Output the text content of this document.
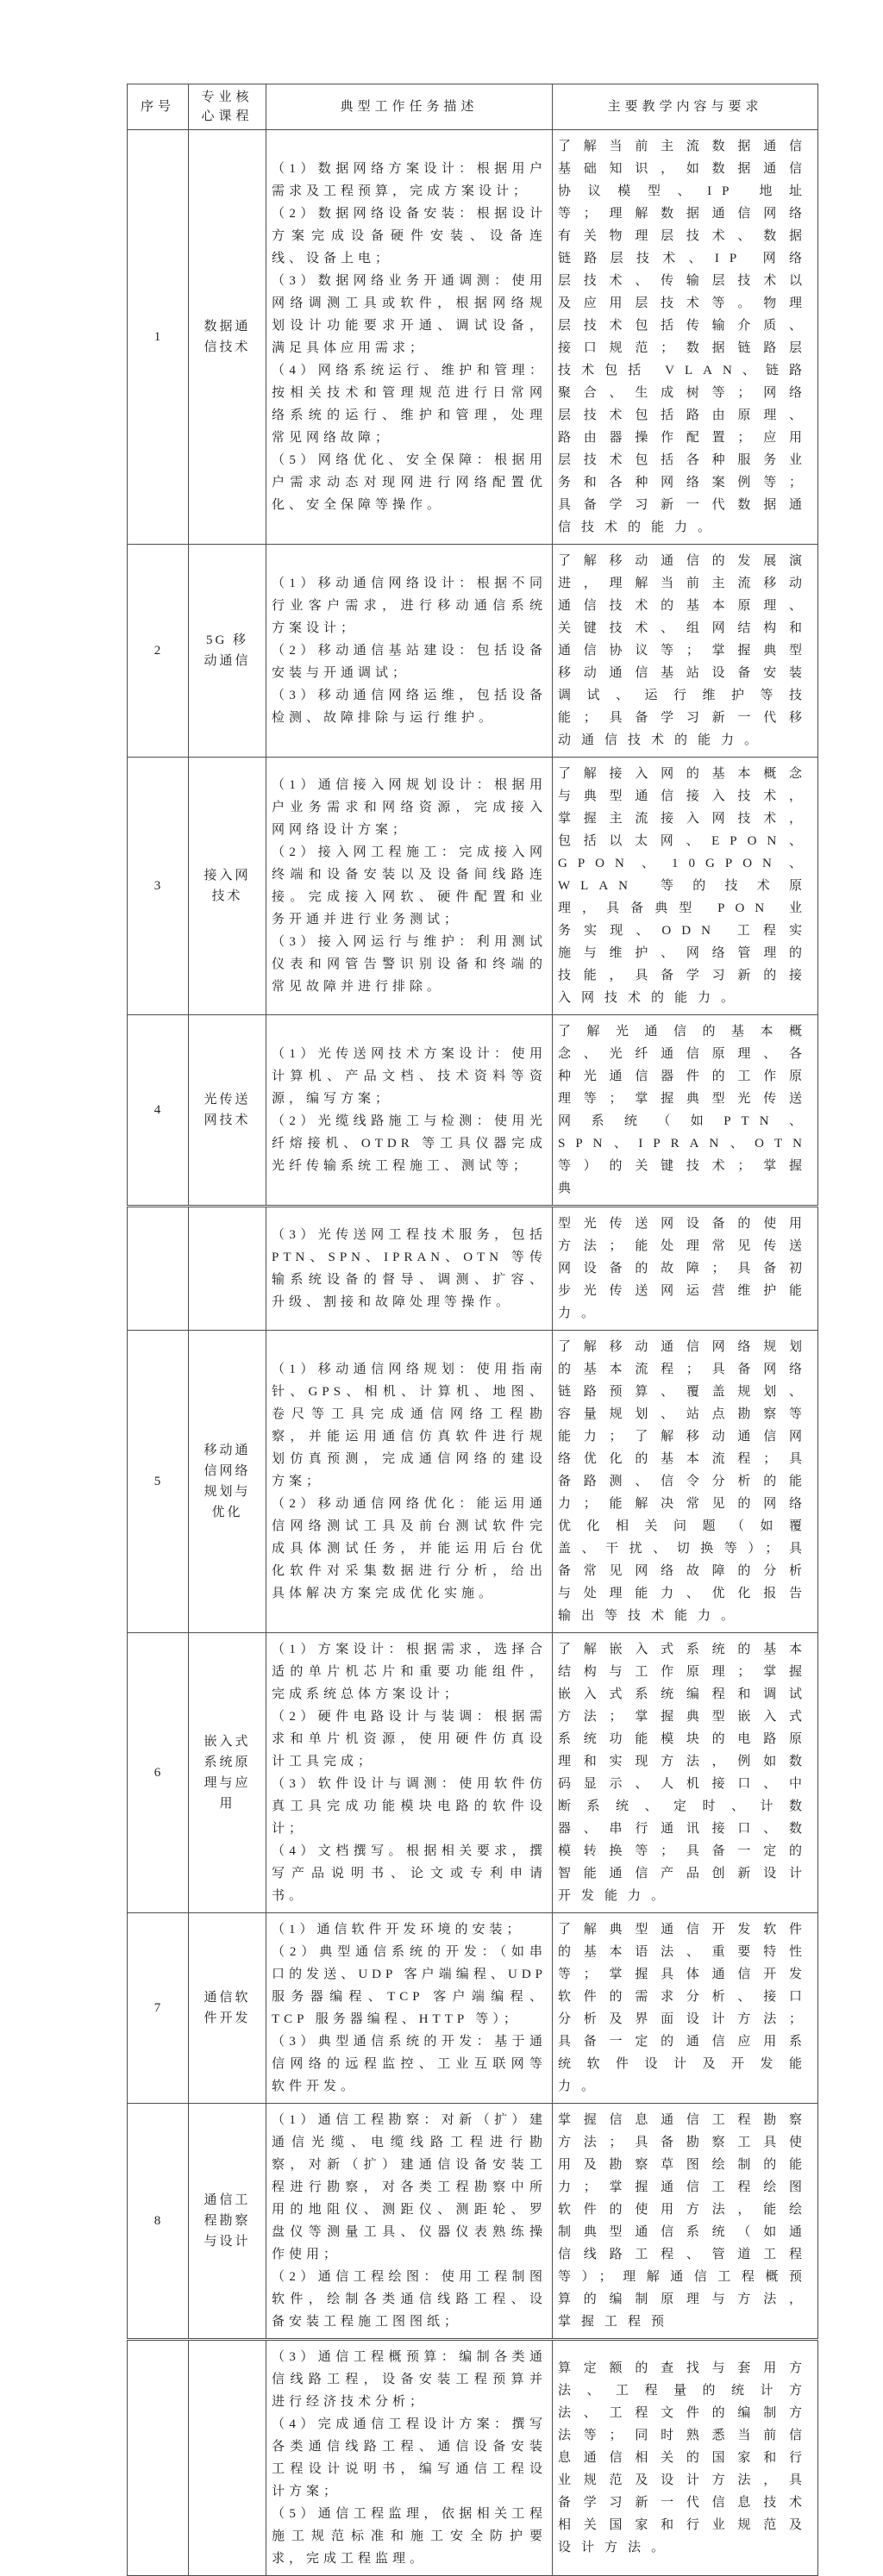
序号	专业核心课程	典型工作任务描述	主要教学内容与要求
1	数据通信技术	（1）数据网络方案设计：根据用户需求及工程预算，完成方案设计；
（2）数据网络设备安装：根据设计方案完成设备硬件安装、设备连线、设备上电；
（3）数据网络业务开通调测：使用网络调测工具或软件，根据网络规划设计功能要求开通、调试设备，满足具体应用需求；
（4）网络系统运行、维护和管理：按相关技术和管理规范进行日常网络系统的运行、维护和管理，处理常见网络故障；
（5）网络优化、安全保障：根据用户需求动态对现网进行网络配置优化、安全保障等操作。	了解当前主流数据通信基础知识，如数据通信协议模型、IP 地址等；理解数据通信网络有关物理层技术、数据链路层技术、IP 网络层技术、传输层技术以及应用层技术等。物理层技术包括传输介质、接口规范；数据链路层技术包括 VLAN、链路聚合、生成树等；网络层技术包括路由原理、路由器操作配置；应用层技术包括各种服务业务和各种网络案例等；具备学习新一代数据通信技术的能力。
2	5G 移动通信	（1）移动通信网络设计：根据不同行业客户需求，进行移动通信系统方案设计；
（2）移动通信基站建设：包括设备安装与开通调试；
（3）移动通信网络运维，包括设备检测、故障排除与运行维护。	了解移动通信的发展演进，理解当前主流移动通信技术的基本原理、关键技术、组网结构和通信协议等；掌握典型移动通信基站设备安装调试、运行维护等技能；具备学习新一代移动通信技术的能力。
3	接入网技术	（1）通信接入网规划设计：根据用户业务需求和网络资源，完成接入网网络设计方案；
（2）接入网工程施工：完成接入网终端和设备安装以及设备间线路连接。完成接入网软、硬件配置和业务开通并进行业务测试；
（3）接入网运行与维护：利用测试仪表和网管告警识别设备和终端的常见故障并进行排除。	了解接入网的基本概念与典型通信接入技术，掌握主流接入网技术，包括以太网、EPON、GPON、10GPON、WLAN 等的技术原理，具备典型 PON 业务实现、ODN 工程实施与维护、网络管理的技能，具备学习新的接入网技术的能力。
4	光传送网技术	（1）光传送网技术方案设计：使用计算机、产品文档、技术资料等资源，编写方案；
（2）光缆线路施工与检测：使用光纤熔接机、OTDR 等工具仪器完成光纤传输系统工程施工、测试等；	了解光通信的基本概念、光纤通信原理、各种光通信器件的工作原理等；掌握典型光传送网系统（如PTN、SPN、IPRAN、OTN等）的关键技术；掌握典
		（3）光传送网工程技术服务，包括PTN、SPN、IPRAN、OTN 等传输系统设备的督导、调测、扩容、升级、割接和故障处理等操作。	型光传送网设备的使用方法；能处理常见传送网设备的故障；具备初步光传送网运营维护能力。
5	移动通信网络规划与优化	（1）移动通信网络规划：使用指南针、GPS、相机、计算机、地图、卷尺等工具完成通信网络工程勘察，并能运用通信仿真软件进行规划仿真预测，完成通信网络的建设方案；
（2）移动通信网络优化：能运用通信网络测试工具及前台测试软件完成具体测试任务，并能运用后台优化软件对采集数据进行分析，给出具体解决方案完成优化实施。	了解移动通信网络规划的基本流程；具备网络链路预算、覆盖规划、容量规划、站点勘察等能力；了解移动通信网络优化的基本流程；具备路测、信令分析的能力；能解决常见的网络优化相关问题（如覆盖、干扰、切换等）；具备常见网络故障的分析与处理能力、优化报告输出等技术能力。
6	嵌入式系统原理与应用	（1）方案设计：根据需求，选择合适的单片机芯片和重要功能组件，完成系统总体方案设计；
（2）硬件电路设计与装调：根据需求和单片机资源，使用硬件仿真设计工具完成；
（3）软件设计与调测：使用软件仿真工具完成功能模块电路的软件设计；
（4）文档撰写。根据相关要求，撰写产品说明书、论文或专利申请书。	了解嵌入式系统的基本结构与工作原理；掌握嵌入式系统编程和调试方法；掌握典型嵌入式系统功能模块的电路原理和实现方法，例如数码显示、人机接口、中断系统、定时、计数器、串行通讯接口、数模转换等；具备一定的智能通信产品创新设计开发能力。
7	通信软件开发	（1）通信软件开发环境的安装；
（2）典型通信系统的开发：（如串口的发送、UDP 客户端编程、UDP 服务器编程、TCP 客户端编程、 TCP 服务器编程、HTTP 等）；
（3）典型通信系统的开发：基于通信网络的远程监控、工业互联网等软件开发。	了解典型通信开发软件的基本语法、重要特性等；掌握具体通信开发软件的需求分析、接口分析及界面设计方法；具备一定的通信应用系统软件设计及开发能力。
8	通信工程勘察与设计	（1）通信工程勘察：对新（扩）建通信光缆、电缆线路工程进行勘察，对新（扩）建通信设备安装工程进行勘察，对各类工程勘察中所用的地阻仪、测距仪、测距轮、罗盘仪等测量工具、仪器仪表熟练操作使用；
（2）通信工程绘图：使用工程制图软件，绘制各类通信线路工程、设备安装工程施工图图纸；	掌握信息通信工程勘察方法；具备勘察工具使用及勘察草图绘制的能力；掌握通信工程绘图软件的使用方法，能绘制典型通信系统（如通信线路工程、管道工程等）；理解通信工程概预算的编制原理与方法，掌握工程预
		（3）通信工程概预算：编制各类通信线路工程，设备安装工程预算并进行经济技术分析；
（4）完成通信工程设计方案：撰写各类通信线路工程、通信设备安装工程设计说明书，编写通信工程设计方案；
（5）通信工程监理，依据相关工程施工规范标准和施工安全防护要求，完成工程监理。	算定额的查找与套用方法、工程量的统计方法、工程文件的编制方法等；同时熟悉当前信息通信相关的国家和行业规范及设计方法，具备学习新一代信息技术相关国家和行业规范及设计方法。
